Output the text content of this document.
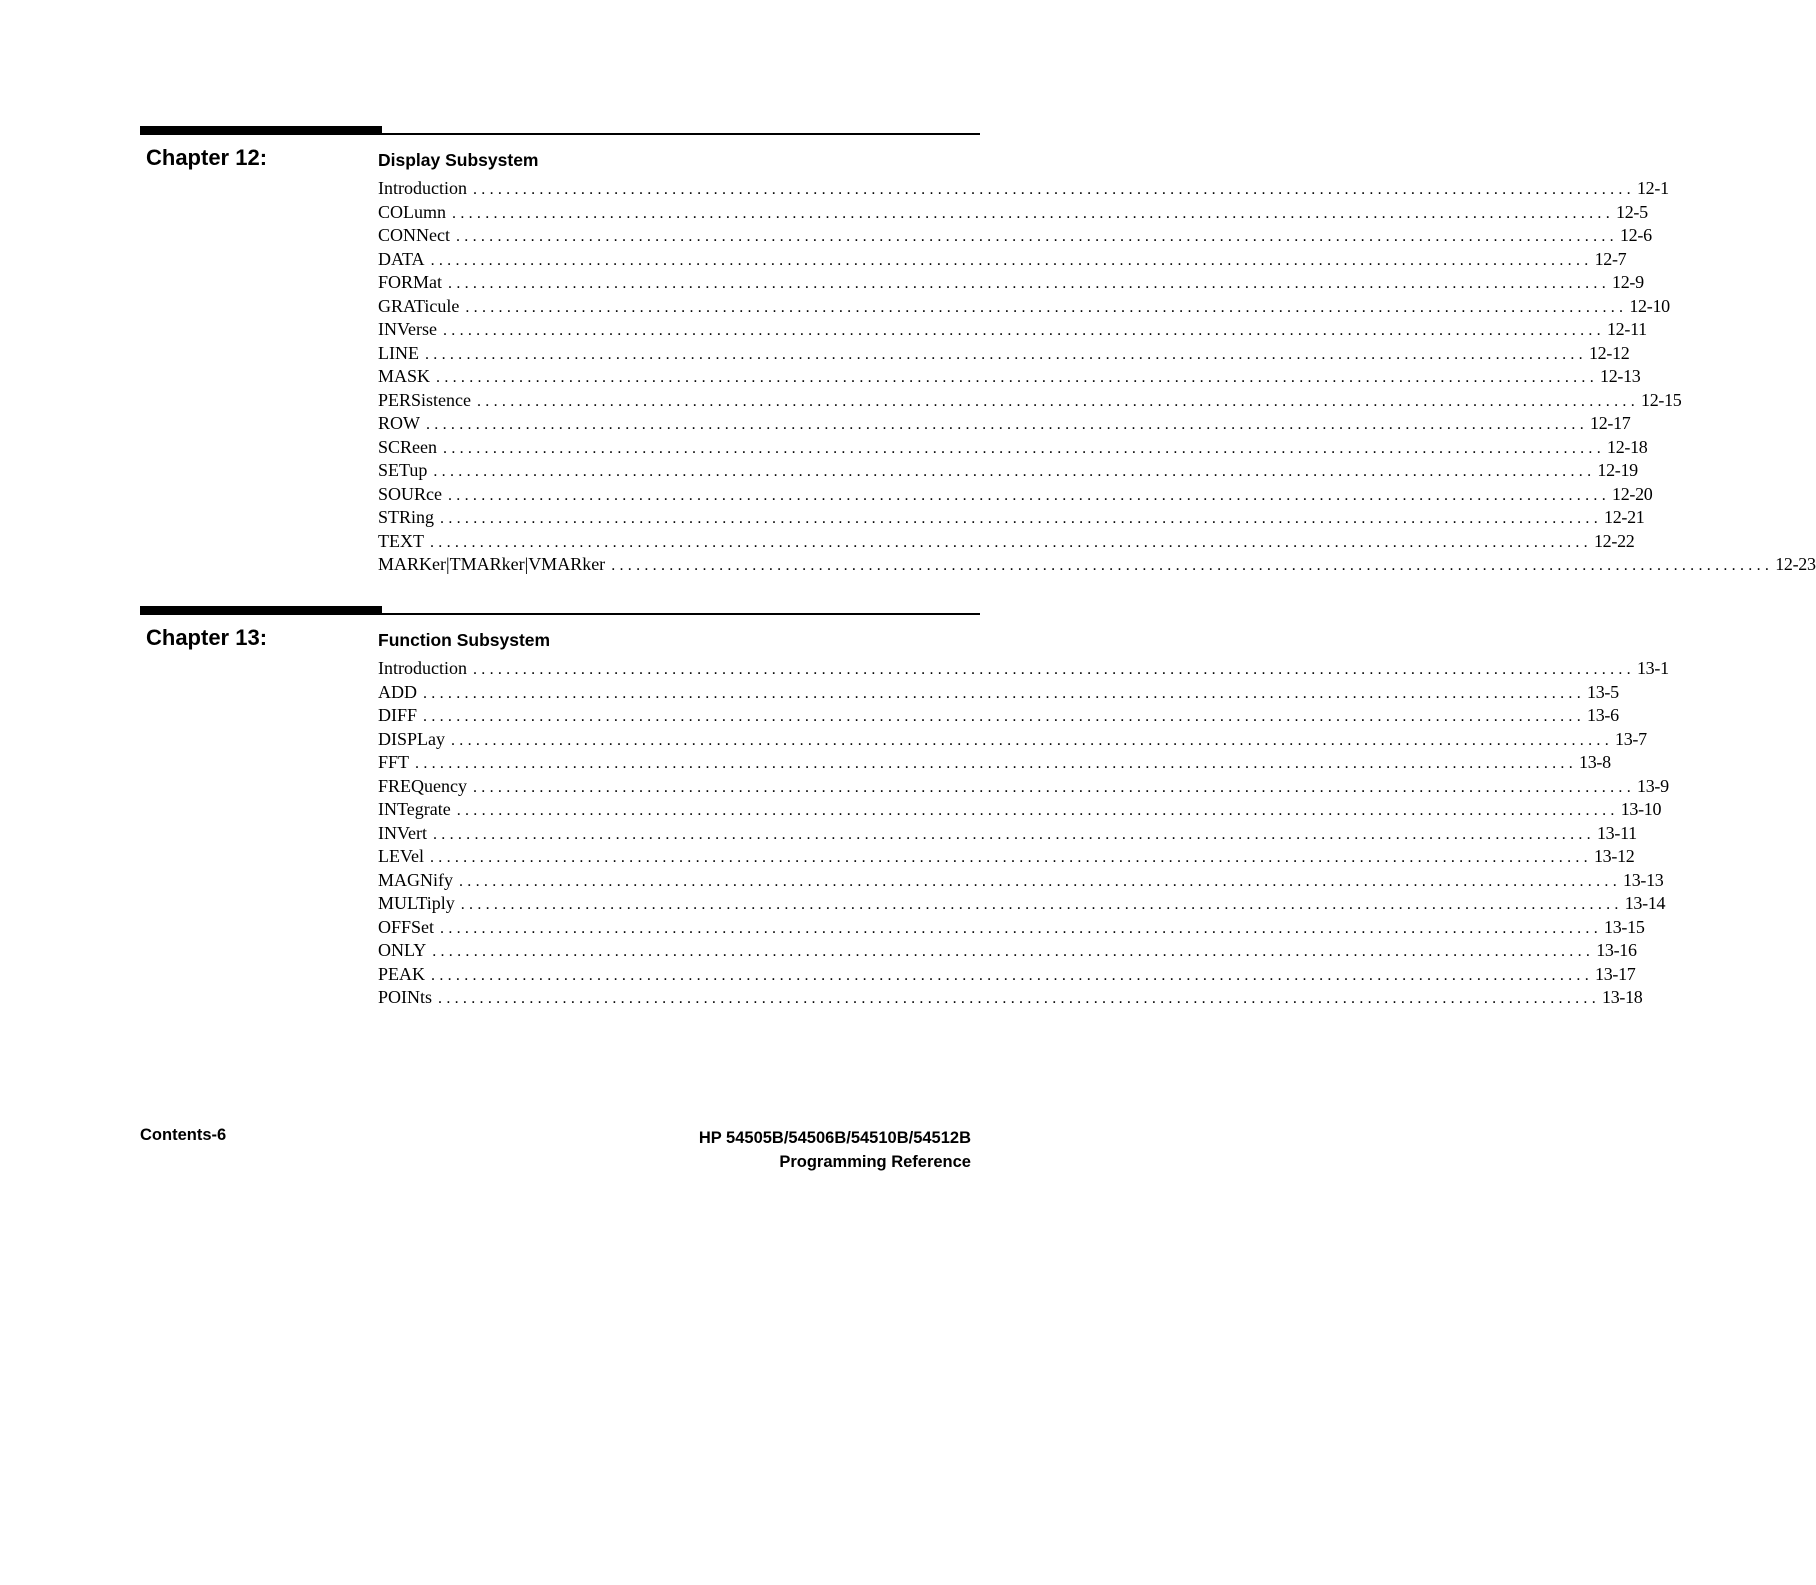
Chapter 12:	Display Subsystem
Introduction ............................................................................................................................................ 12-1
COLumn ............................................................................................................................................ 12-5
CONNect ............................................................................................................................................ 12-6
DATA ............................................................................................................................................ 12-7
FORMat ............................................................................................................................................ 12-9
GRATicule ............................................................................................................................................ 12-10
INVerse ............................................................................................................................................ 12-11
LINE ............................................................................................................................................ 12-12
MASK ............................................................................................................................................ 12-13
PERSistence ............................................................................................................................................ 12-15
ROW ............................................................................................................................................ 12-17
SCReen ............................................................................................................................................ 12-18
SETup ............................................................................................................................................ 12-19
SOURce ............................................................................................................................................ 12-20
STRing ............................................................................................................................................ 12-21
TEXT ............................................................................................................................................ 12-22
MARKer|TMARker|VMARker ............................................................................................................................................ 12-23
Chapter 13:	Function Subsystem
Introduction ............................................................................................................................................ 13-1
ADD ............................................................................................................................................ 13-5
DIFF ............................................................................................................................................ 13-6
DISPLay ............................................................................................................................................ 13-7
FFT ............................................................................................................................................ 13-8
FREQuency ............................................................................................................................................ 13-9
INTegrate ............................................................................................................................................ 13-10
INVert ............................................................................................................................................ 13-11
LEVel ............................................................................................................................................ 13-12
MAGNify ............................................................................................................................................ 13-13
MULTiply ............................................................................................................................................ 13-14
OFFSet ............................................................................................................................................ 13-15
ONLY ............................................................................................................................................ 13-16
PEAK ............................................................................................................................................ 13-17
POINts ............................................................................................................................................ 13-18
Contents-6	HP 54505B/54506B/54510B/54512B
Programming Reference
